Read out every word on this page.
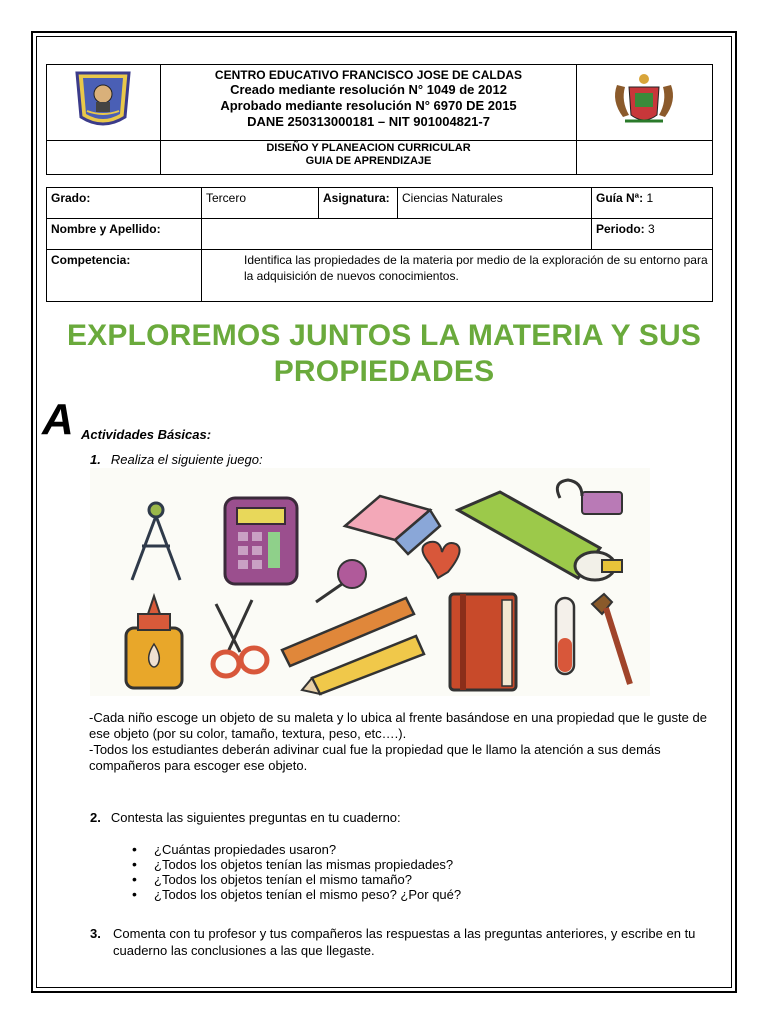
CENTRO EDUCATIVO FRANCISCO JOSE DE CALDAS
Creado mediante resolución N° 1049 de 2012
Aprobado mediante resolución N° 6970 DE 2015
DANE 250313000181 – NIT 901004821-7

	DISEÑO Y PLANEACION CURRICULAR
GUIA DE APRENDIZAJE	

Grado:	Tercero	Asignatura:	Ciencias Naturales	Guía Nª: 1
Nombre y Apellido:				Periodo: 3
Competencia:	Identifica las propiedades de la materia por medio de la exploración de su entorno para la adquisición de nuevos conocimientos.			
EXPLOREMOS JUNTOS LA MATERIA Y SUS
PROPIEDADES
A Actividades Básicas:
1. Realiza el siguiente juego:
-Cada niño escoge un objeto de su maleta y lo ubica al frente basándose en una propiedad que le guste de ese objeto (por su color, tamaño, textura, peso, etc….).
-Todos los estudiantes deberán adivinar cual fue la propiedad que le llamo la atención a sus demás compañeros para escoger ese objeto.
2. Contesta las siguientes preguntas en tu cuaderno:
• ¿Cuántas propiedades usaron?
• ¿Todos los objetos tenían las mismas propiedades?
• ¿Todos los objetos tenían el mismo tamaño?
• ¿Todos los objetos tenían el mismo peso? ¿Por qué?
3. Comenta con tu profesor y tus compañeros las respuestas a las preguntas anteriores, y escribe en tu cuaderno las conclusiones a las que llegaste.
